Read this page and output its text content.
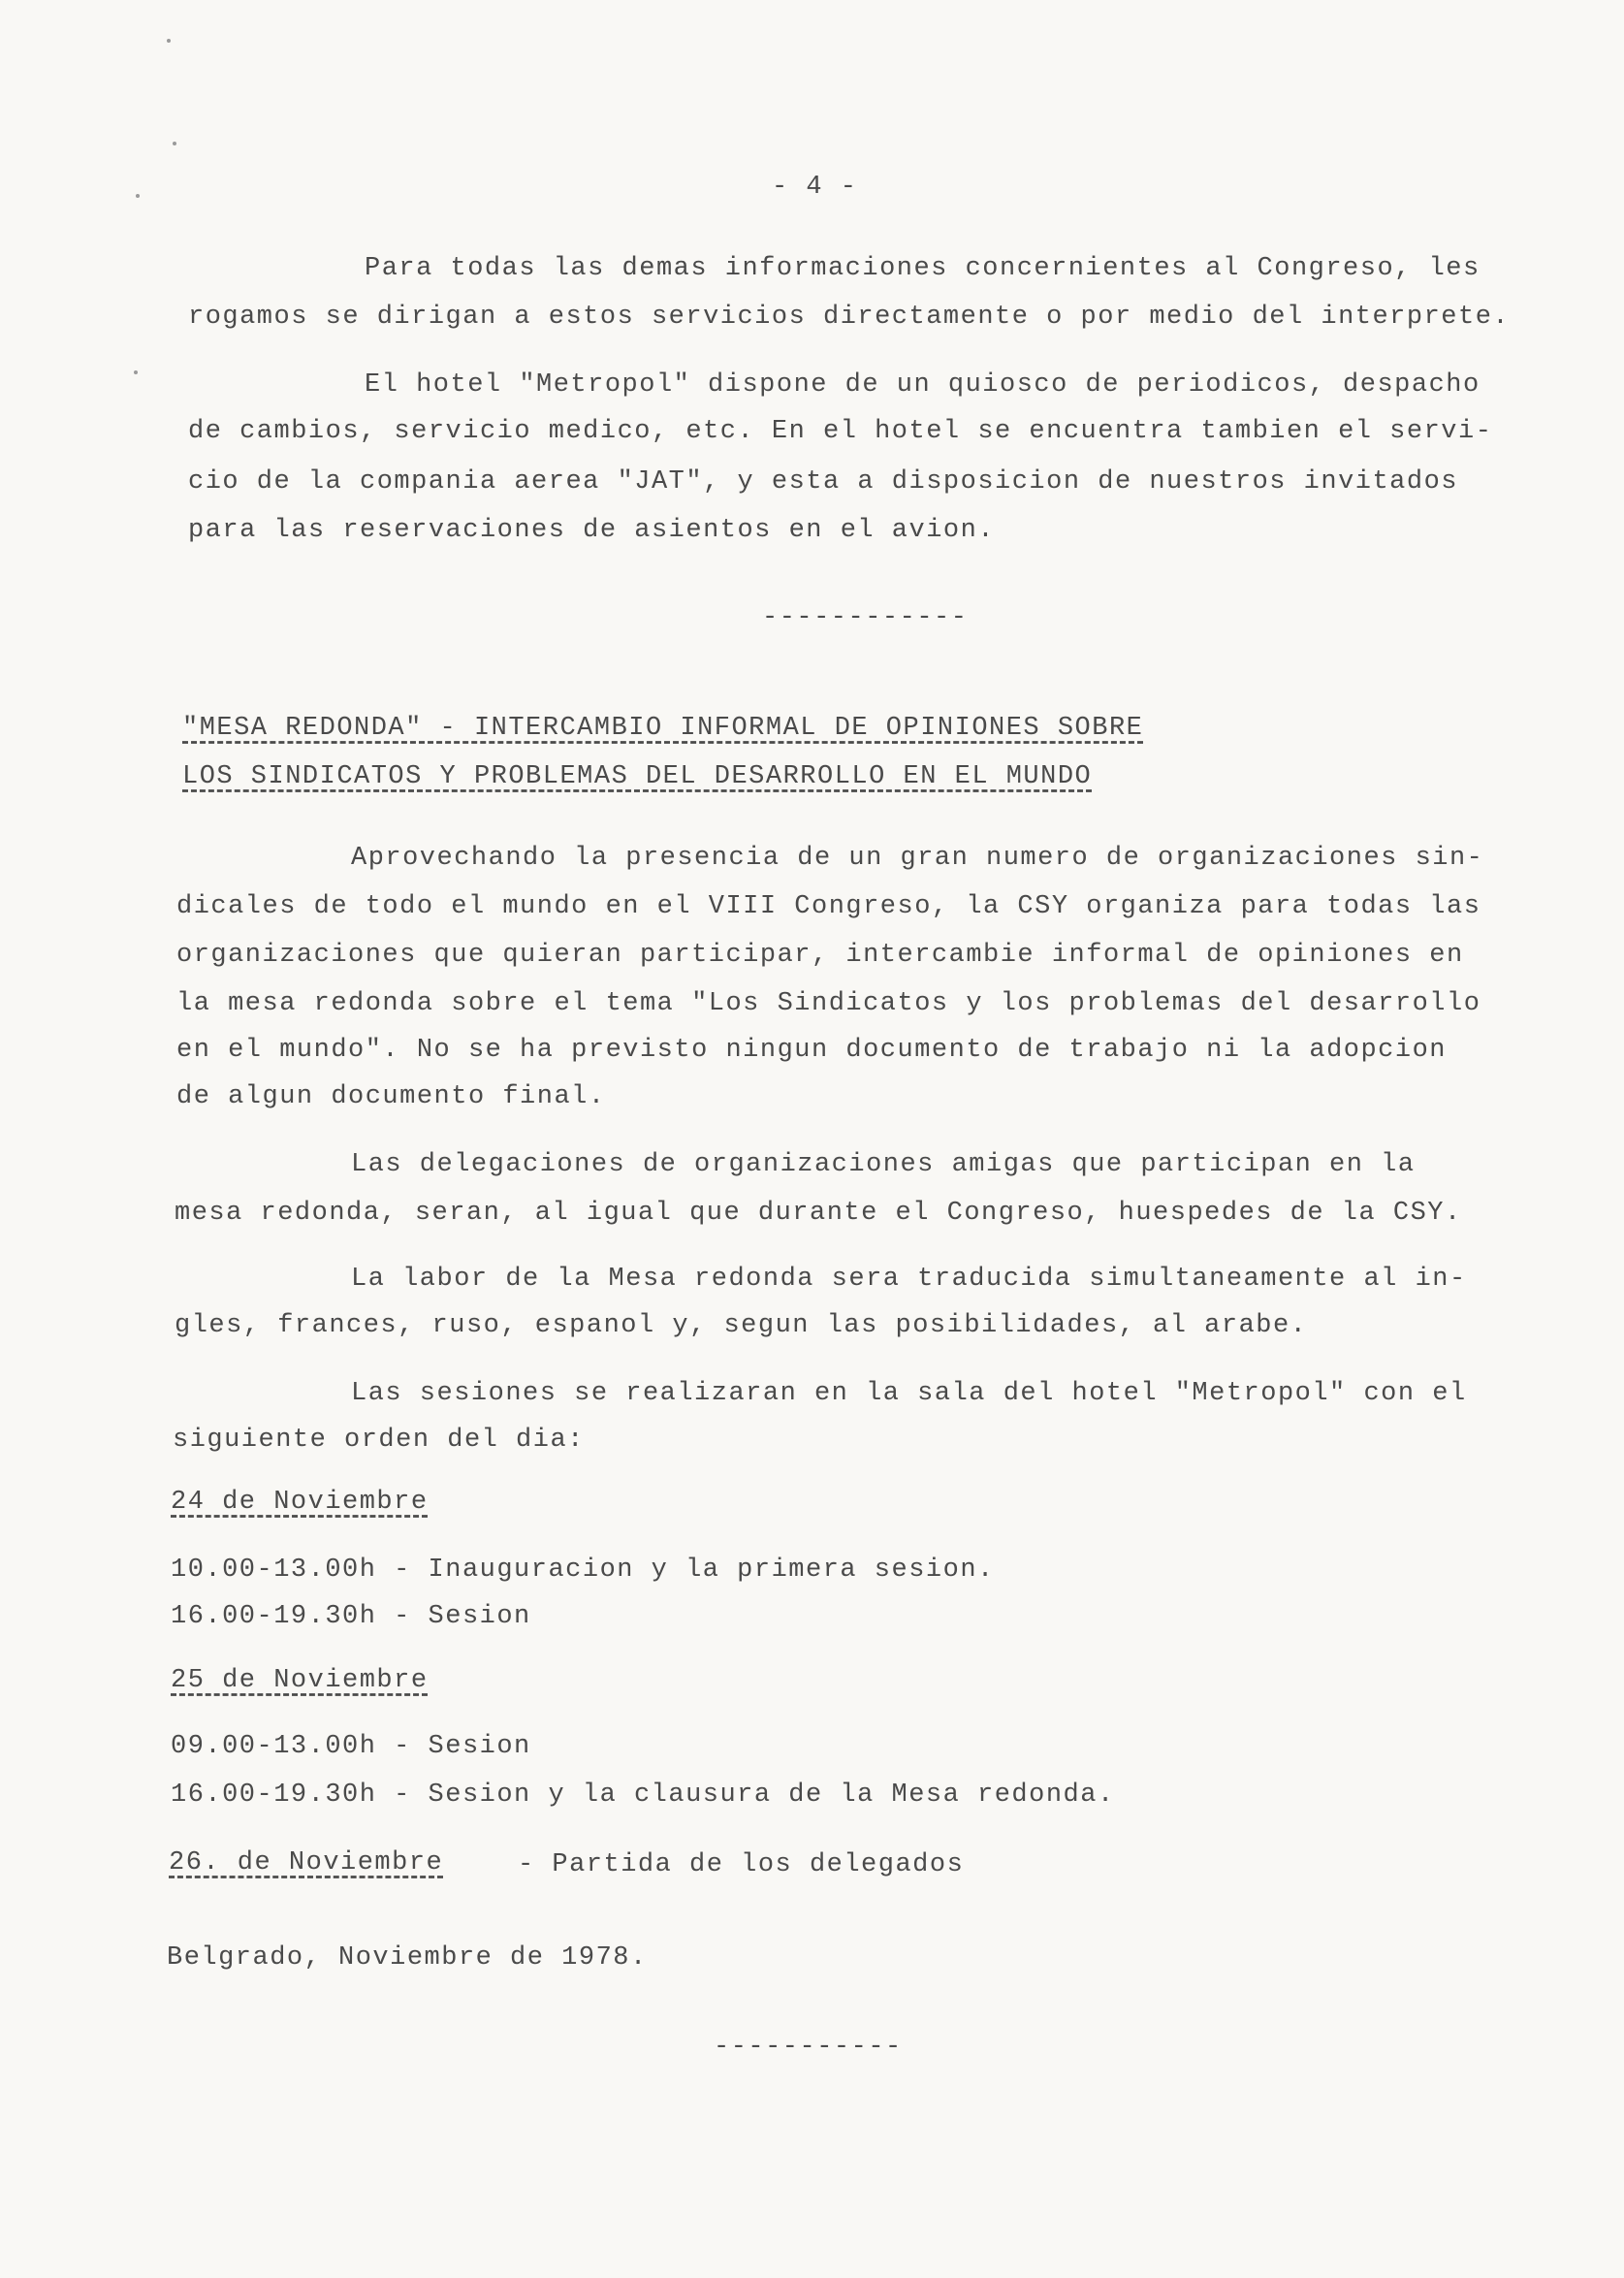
- 4 -
Para todas las demas informaciones concernientes al Congreso, les
rogamos se dirigan a estos servicios directamente o por medio del interprete.
El hotel "Metropol" dispone de un quiosco de periodicos, despacho
de cambios, servicio medico, etc. En el hotel se encuentra tambien el servi-
cio de la compania aerea "JAT", y esta a disposicion de nuestros invitados
para las reservaciones de asientos en el avion.
------------
"MESA REDONDA" - INTERCAMBIO INFORMAL DE OPINIONES SOBRE
LOS SINDICATOS Y PROBLEMAS DEL DESARROLLO EN EL MUNDO
Aprovechando la presencia de un gran numero de organizaciones sin-
dicales de todo el mundo en el VIII Congreso, la CSY organiza para todas las
organizaciones que quieran participar, intercambie informal de opiniones en
la mesa redonda sobre el tema "Los Sindicatos y los problemas del desarrollo
en el mundo". No se ha previsto ningun documento de trabajo ni la adopcion
de algun documento final.
Las delegaciones de organizaciones amigas que participan en la
mesa redonda, seran, al igual que durante el Congreso, huespedes de la CSY.
La labor de la Mesa redonda sera traducida simultaneamente al in-
gles, frances, ruso, espanol y, segun las posibilidades, al arabe.
Las sesiones se realizaran en la sala del hotel "Metropol" con el
siguiente orden del dia:
24 de Noviembre
10.00-13.00h - Inauguracion y la primera sesion.
16.00-19.30h - Sesion
25 de Noviembre
09.00-13.00h - Sesion
16.00-19.30h - Sesion y la clausura de la Mesa redonda.
26. de Noviembre	- Partida de los delegados
Belgrado, Noviembre de 1978.
-----------
